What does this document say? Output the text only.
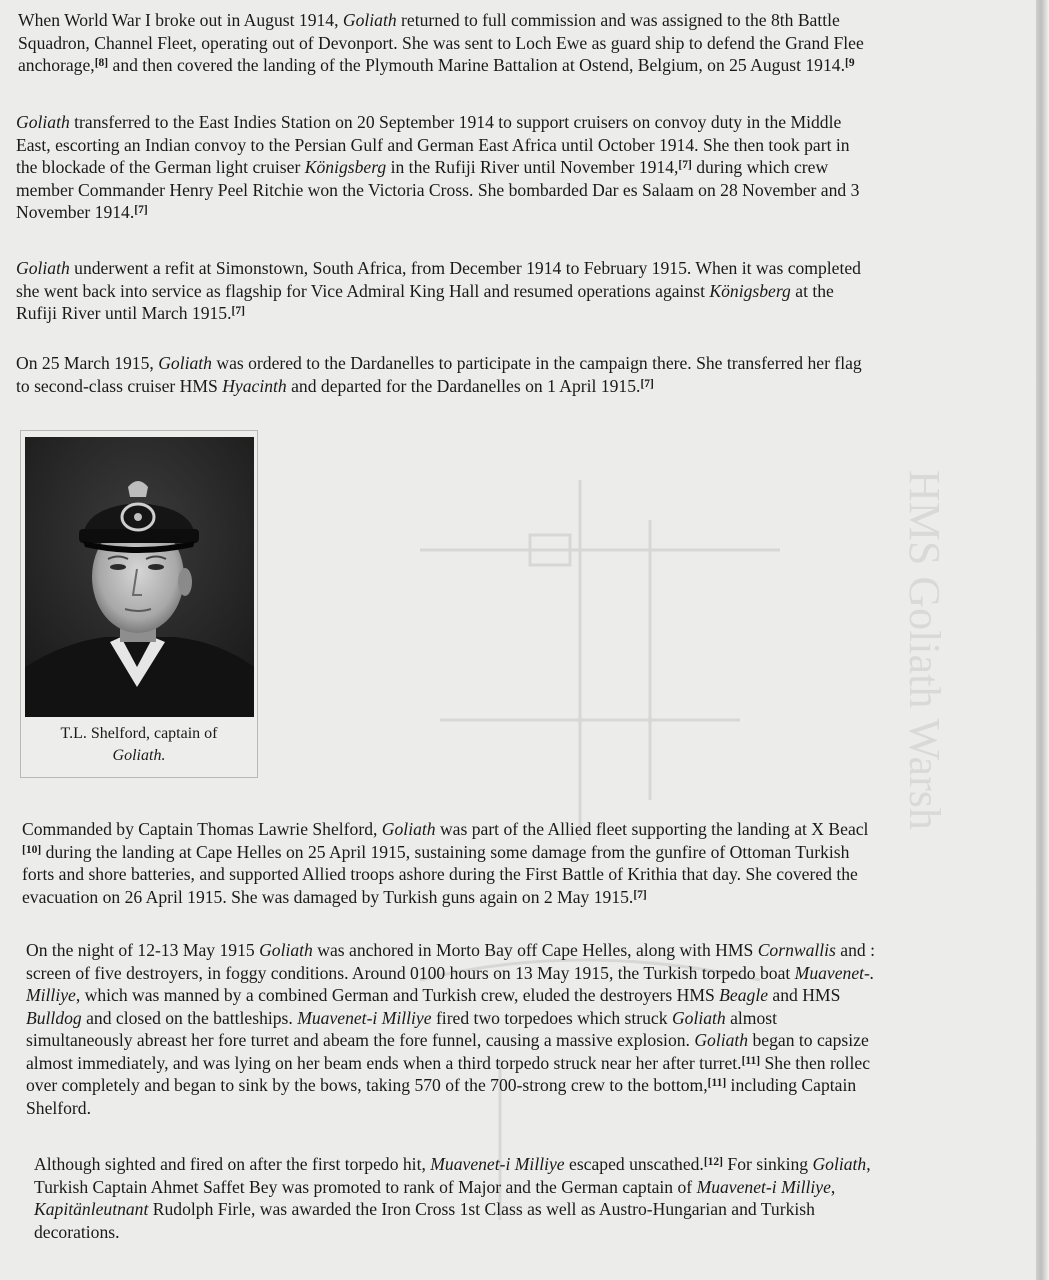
HMS Goliath Warsh
When World War I broke out in August 1914, Goliath returned to full commission and was assigned to the 8th Battle
Squadron, Channel Fleet, operating out of Devonport. She was sent to Loch Ewe as guard ship to defend the Grand Flee
anchorage,[8] and then covered the landing of the Plymouth Marine Battalion at Ostend, Belgium, on 25 August 1914.$^{[9}$
Goliath transferred to the East Indies Station on 20 September 1914 to support cruisers on convoy duty in the Middle
East, escorting an Indian convoy to the Persian Gulf and German East Africa until October 1914. She then took part in
the blockade of the German light cruiser Königsberg in the Rufiji River until November 1914,[7] during which crew
member Commander Henry Peel Ritchie won the Victoria Cross. She bombarded Dar es Salaam on 28 November and 3
November 1914.[7]
Goliath underwent a refit at Simonstown, South Africa, from December 1914 to February 1915. When it was completed
she went back into service as flagship for Vice Admiral King Hall and resumed operations against Königsberg at the
Rufiji River until March 1915.[7]
On 25 March 1915, Goliath was ordered to the Dardanelles to participate in the campaign there. She transferred her flag
to second-class cruiser HMS Hyacinth and departed for the Dardanelles on 1 April 1915.[7]
T.L. Shelford, captain of
Goliath.
Commanded by Captain Thomas Lawrie Shelford, Goliath was part of the Allied fleet supporting the landing at X Beacl
[10] during the landing at Cape Helles on 25 April 1915, sustaining some damage from the gunfire of Ottoman Turkish
forts and shore batteries, and supported Allied troops ashore during the First Battle of Krithia that day. She covered the
evacuation on 26 April 1915. She was damaged by Turkish guns again on 2 May 1915.[7]
On the night of 12-13 May 1915 Goliath was anchored in Morto Bay off Cape Helles, along with HMS Cornwallis and :
screen of five destroyers, in foggy conditions. Around 0100 hours on 13 May 1915, the Turkish torpedo boat Muavenet-.
Milliye, which was manned by a combined German and Turkish crew, eluded the destroyers HMS Beagle and HMS
Bulldog and closed on the battleships. Muavenet-i Milliye fired two torpedoes which struck Goliath almost
simultaneously abreast her fore turret and abeam the fore funnel, causing a massive explosion. Goliath began to capsize
almost immediately, and was lying on her beam ends when a third torpedo struck near her after turret.[11] She then rollec
over completely and began to sink by the bows, taking 570 of the 700-strong crew to the bottom,[11] including Captain
Shelford.
Although sighted and fired on after the first torpedo hit, Muavenet-i Milliye escaped unscathed.[12] For sinking Goliath,
Turkish Captain Ahmet Saffet Bey was promoted to rank of Major and the German captain of Muavenet-i Milliye,
Kapitänleutnant Rudolph Firle, was awarded the Iron Cross 1st Class as well as Austro-Hungarian and Turkish
decorations.
